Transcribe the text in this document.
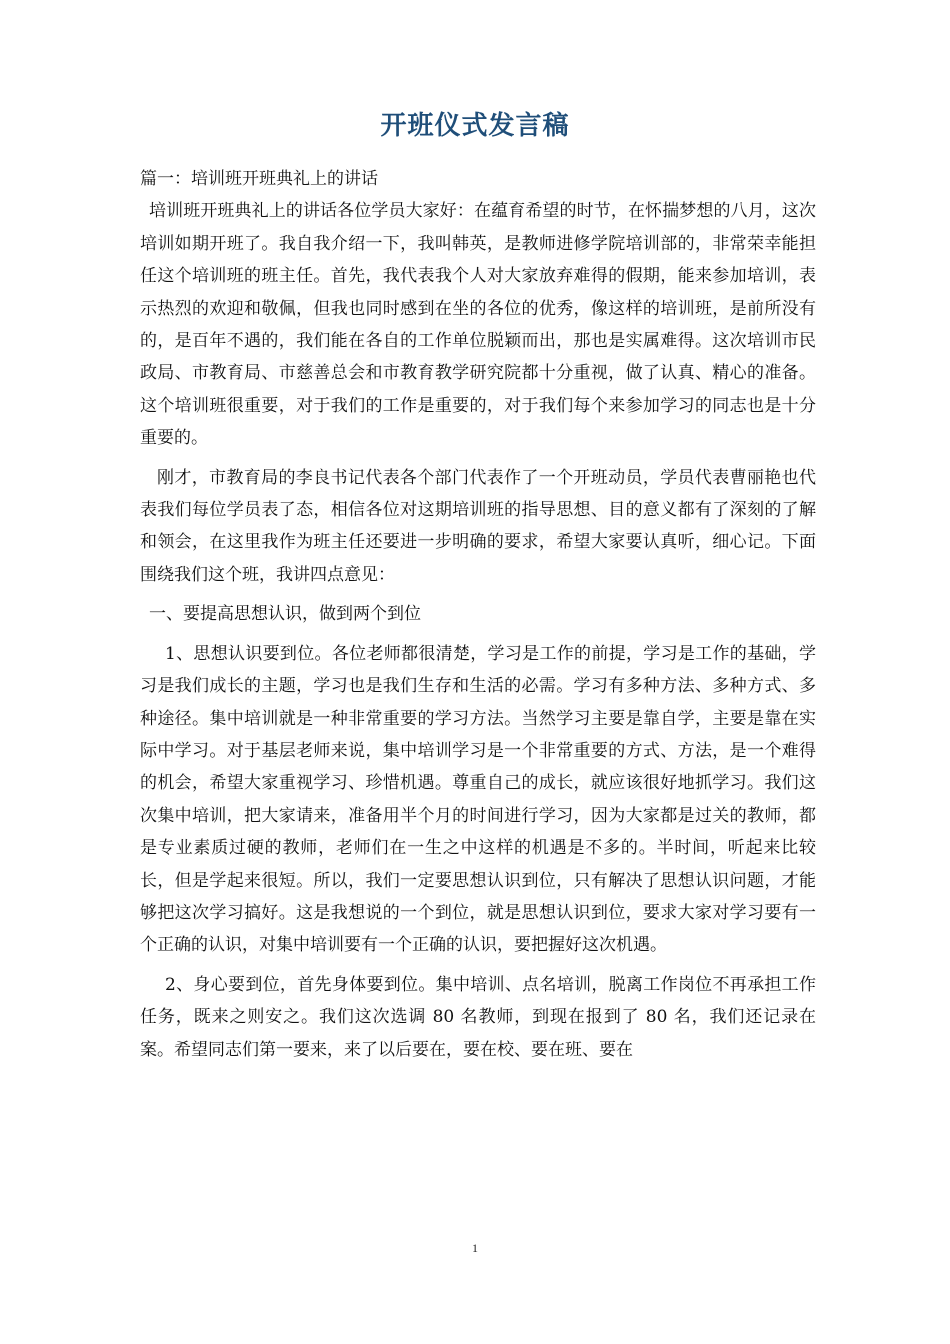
开班仪式发言稿

篇一：培训班开班典礼上的讲话

培训班开班典礼上的讲话各位学员大家好：在蕴育希望的时节，在怀揣梦想的八月，这次培训如期开班了。我自我介绍一下，我叫韩英，是教师进修学院培训部的，非常荣幸能担任这个培训班的班主任。首先，我代表我个人对大家放弃难得的假期，能来参加培训，表示热烈的欢迎和敬佩，但我也同时感到在坐的各位的优秀，像这样的培训班，是前所没有的，是百年不遇的，我们能在各自的工作单位脱颖而出，那也是实属难得。这次培训市民政局、市教育局、市慈善总会和市教育教学研究院都十分重视，做了认真、精心的准备。这个培训班很重要，对于我们的工作是重要的，对于我们每个来参加学习的同志也是十分重要的。

刚才，市教育局的李良书记代表各个部门代表作了一个开班动员，学员代表曹丽艳也代表我们每位学员表了态，相信各位对这期培训班的指导思想、目的意义都有了深刻的了解和领会，在这里我作为班主任还要进一步明确的要求，希望大家要认真听，细心记。下面围绕我们这个班，我讲四点意见：

一、要提高思想认识，做到两个到位

1、思想认识要到位。各位老师都很清楚，学习是工作的前提，学习是工作的基础，学习是我们成长的主题，学习也是我们生存和生活的必需。学习有多种方法、多种方式、多种途径。集中培训就是一种非常重要的学习方法。当然学习主要是靠自学，主要是靠在实际中学习。对于基层老师来说，集中培训学习是一个非常重要的方式、方法，是一个难得的机会，希望大家重视学习、珍惜机遇。尊重自己的成长，就应该很好地抓学习。我们这次集中培训，把大家请来，准备用半个月的时间进行学习，因为大家都是过关的教师，都是专业素质过硬的教师，老师们在一生之中这样的机遇是不多的。半时间，听起来比较长，但是学起来很短。所以，我们一定要思想认识到位，只有解决了思想认识问题，才能够把这次学习搞好。这是我想说的一个到位，就是思想认识到位，要求大家对学习要有一个正确的认识，对集中培训要有一个正确的认识，要把握好这次机遇。

2、身心要到位，首先身体要到位。集中培训、点名培训，脱离工作岗位不再承担工作任务，既来之则安之。我们这次选调 80 名教师，到现在报到了 80 名，我们还记录在案。希望同志们第一要来，来了以后要在，要在校、要在班、要在

1
